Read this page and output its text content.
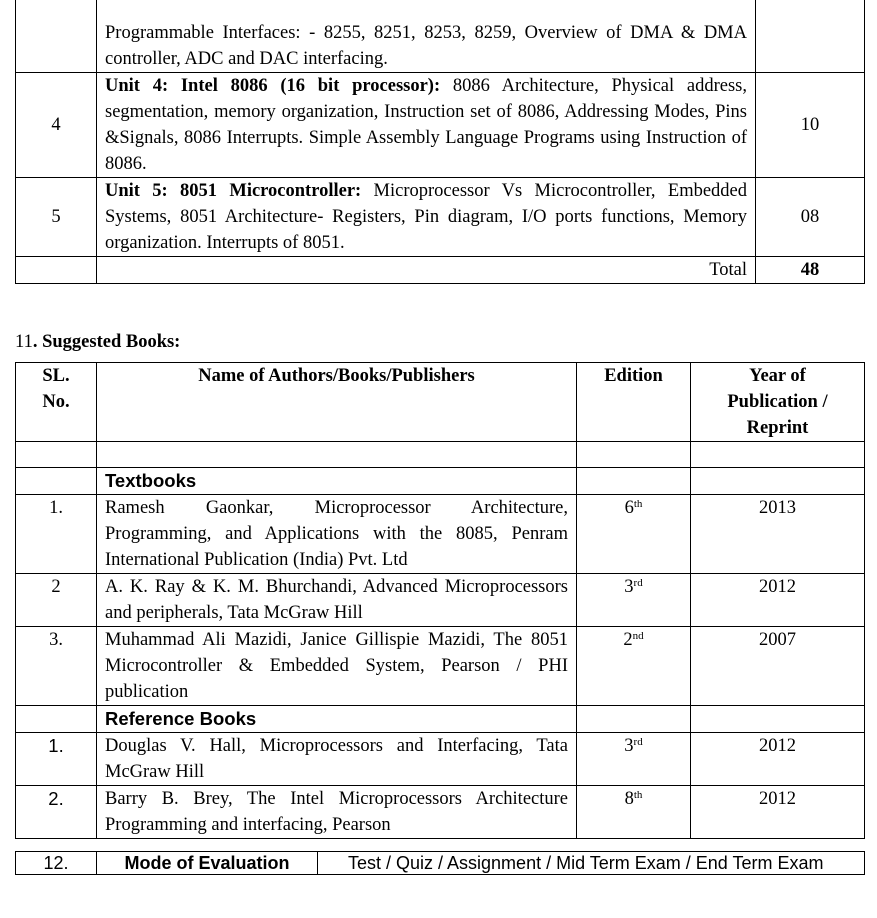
	Programmable Interfaces: - 8255, 8251, 8253, 8259, Overview of DMA & DMA controller, ADC and DAC interfacing.	
4	Unit 4: Intel 8086 (16 bit processor): 8086 Architecture, Physical address, segmentation, memory organization, Instruction set of 8086, Addressing Modes, Pins &Signals, 8086 Interrupts. Simple Assembly Language Programs using Instruction of 8086.	10
5	Unit 5: 8051 Microcontroller: Microprocessor Vs Microcontroller, Embedded Systems, 8051 Architecture- Registers, Pin diagram, I/O ports functions, Memory organization. Interrupts of 8051.	08
	Total	48
11. Suggested Books:
SL. No.	Name of Authors/Books/Publishers	Edition	Year of Publication / Reprint

	Textbooks		
1.	Ramesh Gaonkar, Microprocessor Architecture, Programming, and Applications with the 8085, Penram International Publication (India) Pvt. Ltd	6th	2013
2	A. K. Ray & K. M. Bhurchandi, Advanced Microprocessors and peripherals, Tata McGraw Hill	3rd	2012
3.	Muhammad Ali Mazidi, Janice Gillispie Mazidi, The 8051 Microcontroller & Embedded System, Pearson / PHI publication	2nd	2007
	Reference Books		
1.	Douglas V. Hall, Microprocessors and Interfacing, Tata McGraw Hill	3rd	2012
2.	Barry B. Brey, The Intel Microprocessors Architecture Programming and interfacing, Pearson	8th	2012
12.	Mode of Evaluation	Test / Quiz / Assignment / Mid Term Exam / End Term Exam
